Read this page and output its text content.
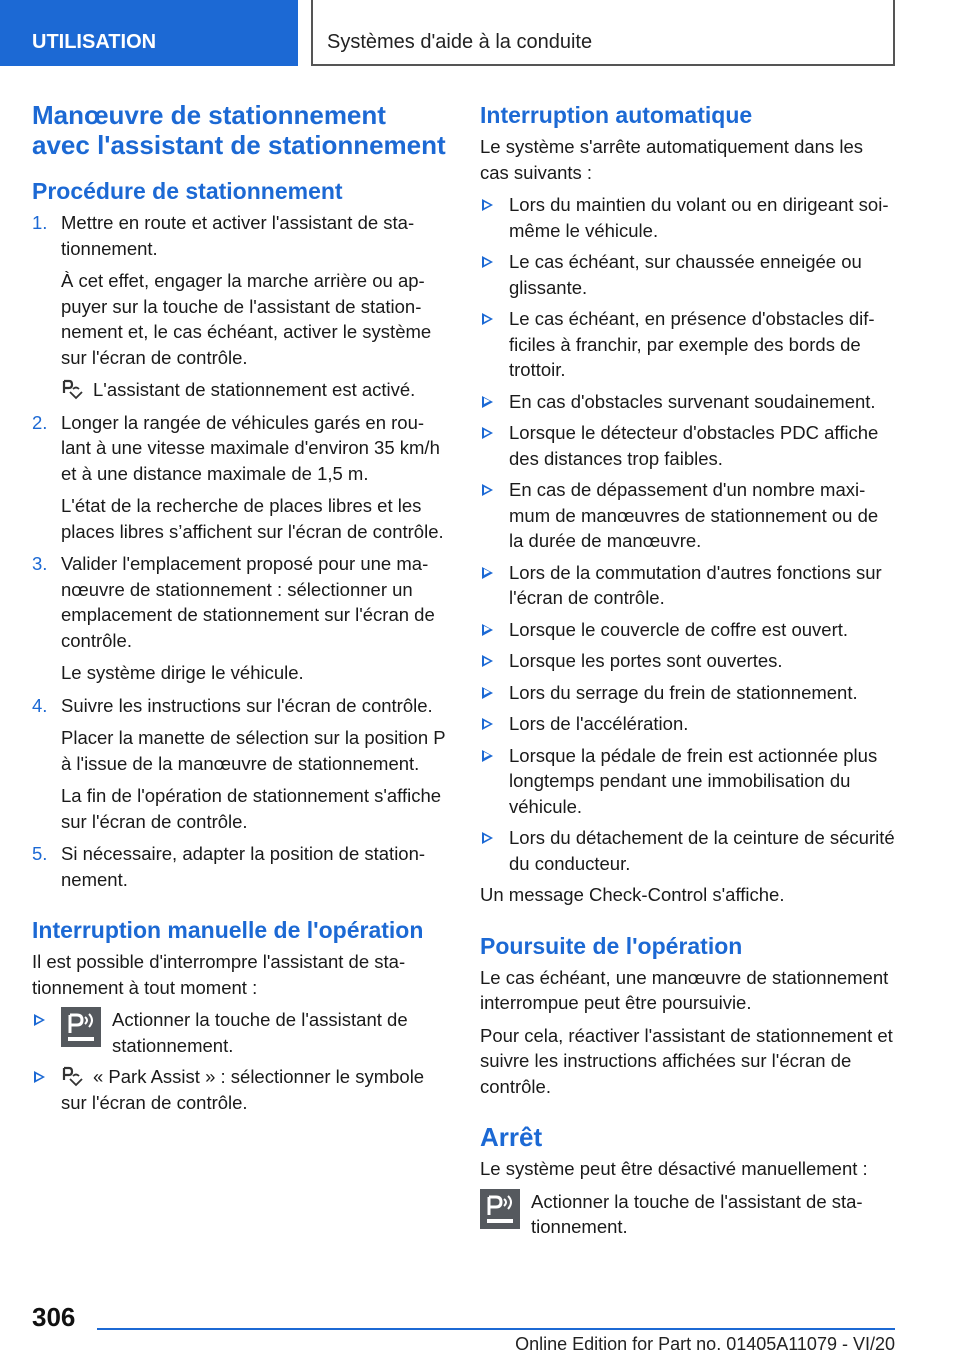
UTILISATION	Systèmes d'aide à la conduite
Manœuvre de stationnement avec l'assistant de stationnement
Procédure de stationnement
1. Mettre en route et activer l'assistant de stationnement.

À cet effet, engager la marche arrière ou appuyer sur la touche de l'assistant de stationnement et, le cas échéant, activer le système sur l'écran de contrôle.

L'assistant de stationnement est activé.

2. Longer la rangée de véhicules garés en roulant à une vitesse maximale d'environ 35 km/h et à une distance maximale de 1,5 m.

L'état de la recherche de places libres et les places libres s’affichent sur l'écran de contrôle.

3. Valider l'emplacement proposé pour une manœuvre de stationnement : sélectionner un emplacement de stationnement sur l'écran de contrôle.

Le système dirige le véhicule.

4. Suivre les instructions sur l'écran de contrôle.

Placer la manette de sélection sur la position P à l'issue de la manœuvre de stationnement.

La fin de l'opération de stationnement s'affiche sur l'écran de contrôle.

5. Si nécessaire, adapter la position de stationnement.

Interruption manuelle de l'opération

Il est possible d'interrompre l'assistant de stationnement à tout moment :

Actionner la touche de l'assistant de stationnement.

« Park Assist » : sélectionner le symbole sur l'écran de contrôle.

Interruption automatique

Le système s'arrête automatiquement dans les cas suivants :

Lors du maintien du volant ou en dirigeant soi-même le véhicule.

Le cas échéant, sur chaussée enneigée ou glissante.

Le cas échéant, en présence d'obstacles difficiles à franchir, par exemple des bords de trottoir.

En cas d'obstacles survenant soudainement.

Lorsque le détecteur d'obstacles PDC affiche des distances trop faibles.

En cas de dépassement d'un nombre maximum de manœuvres de stationnement ou de la durée de manœuvre.

Lors de la commutation d'autres fonctions sur l'écran de contrôle.

Lorsque le couvercle de coffre est ouvert.

Lorsque les portes sont ouvertes.

Lors du serrage du frein de stationnement.

Lors de l'accélération.

Lorsque la pédale de frein est actionnée plus longtemps pendant une immobilisation du véhicule.

Lors du détachement de la ceinture de sécurité du conducteur.

Un message Check-Control s'affiche.

Poursuite de l'opération

Le cas échéant, une manœuvre de stationnement interrompue peut être poursuivie.

Pour cela, réactiver l'assistant de stationnement et suivre les instructions affichées sur l'écran de contrôle.

Arrêt

Le système peut être désactivé manuellement :

Actionner la touche de l'assistant de stationnement.

306
Online Edition for Part no. 01405A11079 - VI/20
